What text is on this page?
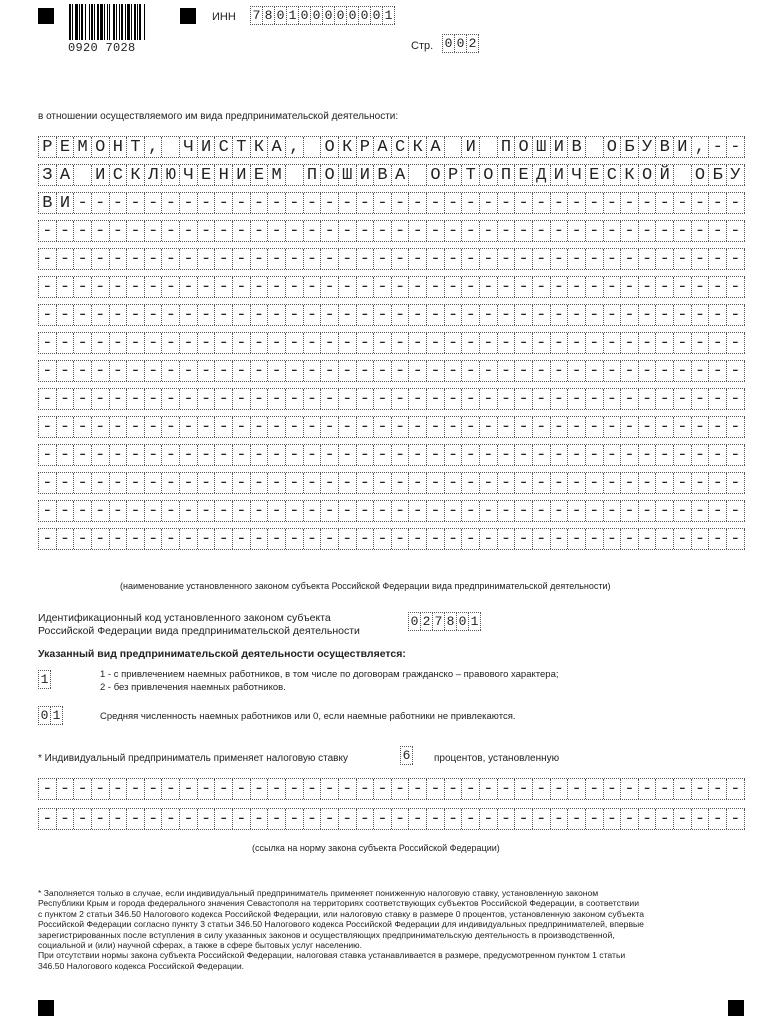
0920 7028
ИНН 7 8 0 1 0 0 0 0 0 0 0 1
Стр. 0 0 2
в отношении осуществляемого им вида предпринимательской деятельности:
Р Е М О Н Т , Ч И С Т К А , О К Р А С К А И П О Ш И В О Б У В И , - -
З А И С К Л Ю Ч Е Н И Е М П О Ш И В А О Р Т О П Е Д И Ч Е С К О Й О Б У
В И - - - - - - - - - - - - - - - - - - - - - - - - - - - - - - - - - - - - - -
- - - - - - - - - - - - - - - - - - - - - - - - - - - - - - - - - - - - - - - -
- - - - - - - - - - - - - - - - - - - - - - - - - - - - - - - - - - - - - - - -
- - - - - - - - - - - - - - - - - - - - - - - - - - - - - - - - - - - - - - - -
- - - - - - - - - - - - - - - - - - - - - - - - - - - - - - - - - - - - - - - -
- - - - - - - - - - - - - - - - - - - - - - - - - - - - - - - - - - - - - - - -
- - - - - - - - - - - - - - - - - - - - - - - - - - - - - - - - - - - - - - - -
- - - - - - - - - - - - - - - - - - - - - - - - - - - - - - - - - - - - - - - -
- - - - - - - - - - - - - - - - - - - - - - - - - - - - - - - - - - - - - - - -
- - - - - - - - - - - - - - - - - - - - - - - - - - - - - - - - - - - - - - - -
- - - - - - - - - - - - - - - - - - - - - - - - - - - - - - - - - - - - - - - -
- - - - - - - - - - - - - - - - - - - - - - - - - - - - - - - - - - - - - - - -
- - - - - - - - - - - - - - - - - - - - - - - - - - - - - - - - - - - - - - - -
(наименование установленного законом субъекта Российской Федерации вида предпринимательской деятельности)
Идентификационный код установленного законом субъекта
Российской Федерации вида предпринимательской деятельности
0 2 7 8 0 1
Указанный вид предпринимательской деятельности осуществляется:
1	1 - с привлечением наемных работников, в том числе по договорам гражданско – правового характера;
2 - без привлечения наемных работников.
0 1	Средняя численность наемных работников или 0, если наемные работники не привлекаются.
* Индивидуальный предприниматель применяет налоговую ставку	6 процентов, установленную
- - - - - - - - - - - - - - - - - - - - - - - - - - - - - - - - - - - - - - - -
- - - - - - - - - - - - - - - - - - - - - - - - - - - - - - - - - - - - - - - -
(ссылка на норму закона субъекта Российской Федерации)
* Заполняется только в случае, если индивидуальный предприниматель применяет пониженную налоговую ставку, установленную законом
Республики Крым и города федерального значения Севастополя на территориях соответствующих субъектов Российской Федерации, в соответствии
с пунктом 2 статьи 346.50 Налогового кодекса Российской Федерации, или налоговую ставку в размере 0 процентов, установленную законом субъекта
Российской Федерации согласно пункту 3 статьи 346.50 Налогового кодекса Российской Федерации для индивидуальных предпринимателей, впервые
зарегистрированных после вступления в силу указанных законов и осуществляющих предпринимательскую деятельность в производственной,
социальной и (или) научной сферах, а также в сфере бытовых услуг населению.
При отсутствии нормы закона субъекта Российской Федерации, налоговая ставка устанавливается в размере, предусмотренном пунктом 1 статьи
346.50 Налогового кодекса Российской Федерации.
